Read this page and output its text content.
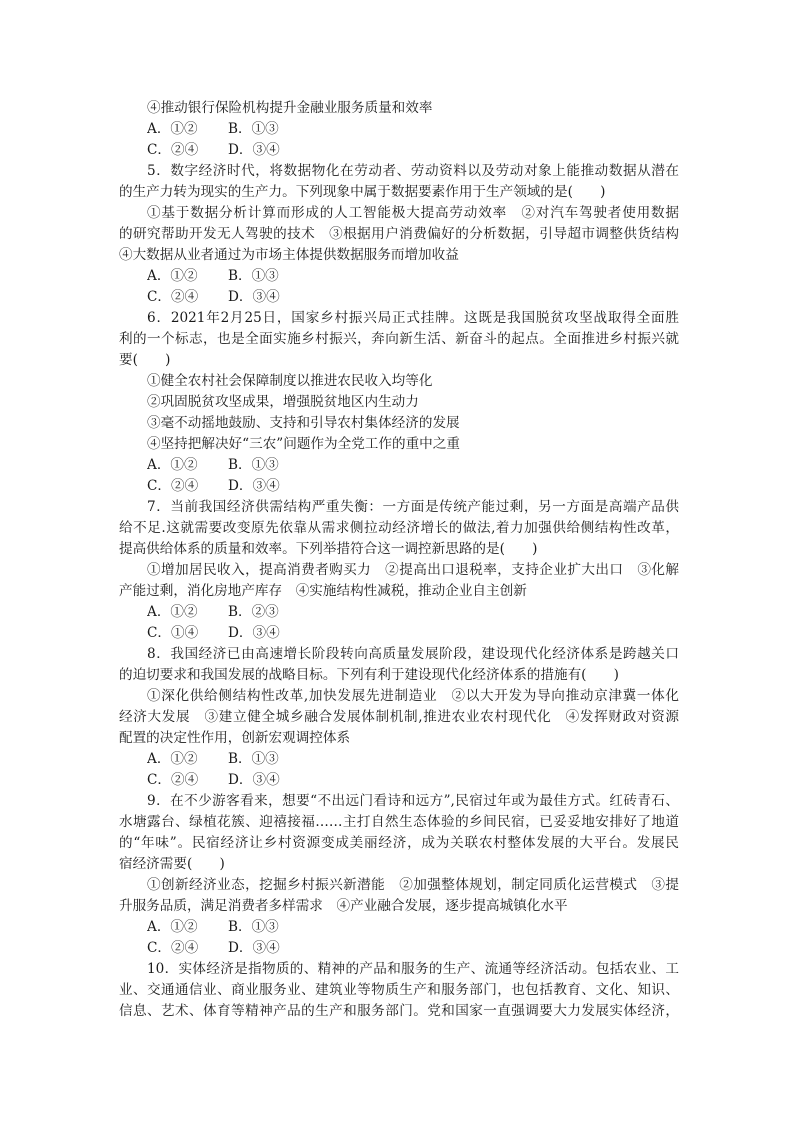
④推动银行保险机构提升金融业服务质量和效率
A．①② B．①③
C．②④ D．③④
5．数字经济时代，将数据物化在劳动者、劳动资料以及劳动对象上能推动数据从潜在
的生产力转为现实的生产力。下列现象中属于数据要素作用于生产领域的是(　　)
①基于数据分析计算而形成的人工智能极大提高劳动效率　②对汽车驾驶者使用数据
的研究帮助开发无人驾驶的技术　③根据用户消费偏好的分析数据，引导超市调整供货结构
④大数据从业者通过为市场主体提供数据服务而增加收益
A．①② B．①③
C．②④ D．③④
6．2021年2月25日，国家乡村振兴局正式挂牌。这既是我国脱贫攻坚战取得全面胜
利的一个标志，也是全面实施乡村振兴，奔向新生活、新奋斗的起点。全面推进乡村振兴就
要(　　)
①健全农村社会保障制度以推进农民收入均等化
②巩固脱贫攻坚成果，增强脱贫地区内生动力
③毫不动摇地鼓励、支持和引导农村集体经济的发展
④坚持把解决好“三农”问题作为全党工作的重中之重
A．①② B．①③
C．②④ D．③④
7．当前我国经济供需结构严重失衡：一方面是传统产能过剩，另一方面是高端产品供
给不足.这就需要改变原先依靠从需求侧拉动经济增长的做法,着力加强供给侧结构性改革，
提高供给体系的质量和效率。下列举措符合这一调控新思路的是(　　)
①增加居民收入，提高消费者购买力　②提高出口退税率，支持企业扩大出口　③化解
产能过剩，消化房地产库存　④实施结构性减税，推动企业自主创新
A．①② B．②③
C．①④ D．③④
8．我国经济已由高速增长阶段转向高质量发展阶段，建设现代化经济体系是跨越关口
的迫切要求和我国发展的战略目标。下列有利于建设现代化经济体系的措施有(　　)
①深化供给侧结构性改革,加快发展先进制造业　②以大开发为导向推动京津冀一体化
经济大发展　③建立健全城乡融合发展体制机制,推进农业农村现代化　④发挥财政对资源
配置的决定性作用，创新宏观调控体系
A．①② B．①③
C．②④ D．③④
9．在不少游客看来，想要“不出远门看诗和远方”,民宿过年或为最佳方式。红砖青石、
水塘露台、绿植花簇、迎禧接福……主打自然生态体验的乡间民宿，已妥妥地安排好了地道
的“年味”。民宿经济让乡村资源变成美丽经济，成为关联农村整体发展的大平台。发展民
宿经济需要(　　)
①创新经济业态，挖掘乡村振兴新潜能　②加强整体规划，制定同质化运营模式　③提
升服务品质，满足消费者多样需求　④产业融合发展，逐步提高城镇化水平
A．①② B．①③
C．②④ D．③④
10．实体经济是指物质的、精神的产品和服务的生产、流通等经济活动。包括农业、工
业、交通通信业、商业服务业、建筑业等物质生产和服务部门，也包括教育、文化、知识、
信息、艺术、体育等精神产品的生产和服务部门。党和国家一直强调要大力发展实体经济，
